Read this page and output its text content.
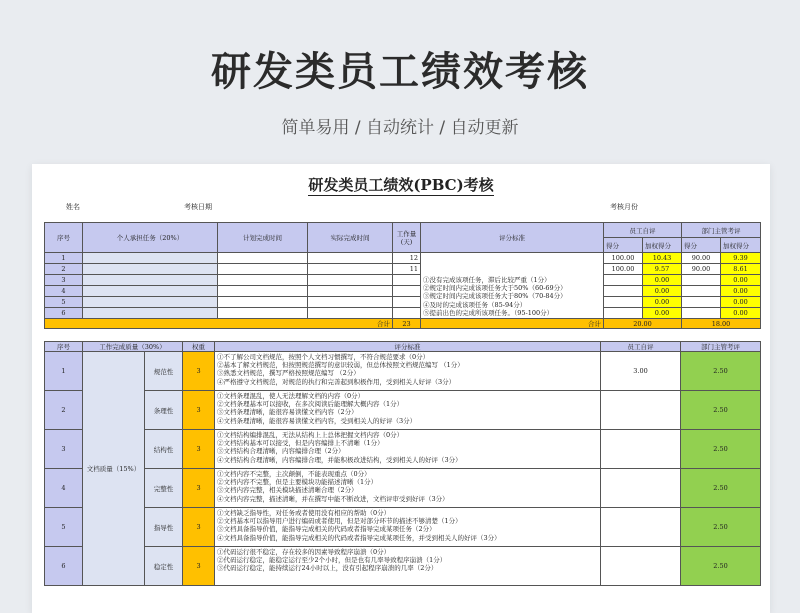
研发类员工绩效考核
简单易用 / 自动统计 / 自动更新
研发类员工绩效(PBC)考核
姓名	考核日期	考核月份
序号	个人承担任务（20%）	计划完成时间	实际完成时间	工作量(天)	评分标准	员工自评		部门主管考评	
						得分	加权得分	得分	加权得分
1				12	①没有完成该项任务，滞后比较严重（1分）
②规定时间内完成该项任务大于50%（60-69分）
③规定时间内完成该项任务大于80%（70-84分）
④及时的完成该项任务（85-94分）
⑤提前出色的完成所该项任务。（95-100分）	100.00	10.43	90.00	9.39
2				11		100.00	9.57	90.00	8.61
3							0.00		0.00
4							0.00		0.00
5							0.00		0.00
6							0.00		0.00
合计				23	合计	20.00		18.00	
序号	工作完成质量（30%）		权重	评分标准	员工自评	部门主管考评
1	文档质量（15%）	规范性	3	①不了解公司文档规范，按照个人文档习惯撰写，不符合规范要求（0分）
②基本了解文档规范，但按照规范撰写的意识较弱，但总体按照文档规范编写 （1分）
③熟悉文档规范，撰写严格按照规范编写 （2分）
④严格遵守文档规范，对规范的执行和完善起到积极作用，受到相关人好评（3分）	3.00	2.50
2		条理性	3	①文档条理混乱，使人无法理解文档的内容（0分）
②文档条理基本可以接收，在多次阅读后能理解大概内容（1分）
③文档条理清晰，能很容易读懂文档内容（2分）
④文档条理清晰，能很容易读懂文档内容，受到相关人的好评（3分）		2.50
3		结构性	3	①文档结构编排混乱，无法从结构上上总体把握文档内容（0分）
②文档结构基本可以接受，但是内容编排上不清晰（1分）
③文档结构合理清晰，内容编排合理（2分）
④文档结构合理清晰，内容编排合理，并能积极改进结构，受到相关人的好评（3分）		2.50
4		完整性	3	①文档内容不完整，主次颠倒，不能表现重点（0分）
②文档内容不完整，但是主要模块功能描述清晰（1分）
③文档内容完整，相关模块描述清晰合理（2分）
④文档内容完整，描述清晰，并在撰写中能不断改进，文档评审受到好评（3分）		2.50
5		指导性	3	①文档缺乏指导性，对任务或者使用没有相应的帮助（0分）
②文档基本可以指导用户进行编码或者使用，但是对部分环节的描述不够清楚（1分）
③文档具备指导价值，能指导完成相关的代码或者指导完成某项任务（2分）
④文档具备指导价值，能指导完成相关的代码或者指导完成某项任务，并受到相关人的好评（3分）		2.50
6		稳定性	3	①代码运行很不稳定，存在较多的因素导致程序崩溃（0分）
②代码运行稳定，能稳定运行至少2个小时，但是也有几率导致程序崩溃（1分）
③代码运行稳定，能持续运行24小时以上，没有引起程序崩溃的几率（2分）		2.50
